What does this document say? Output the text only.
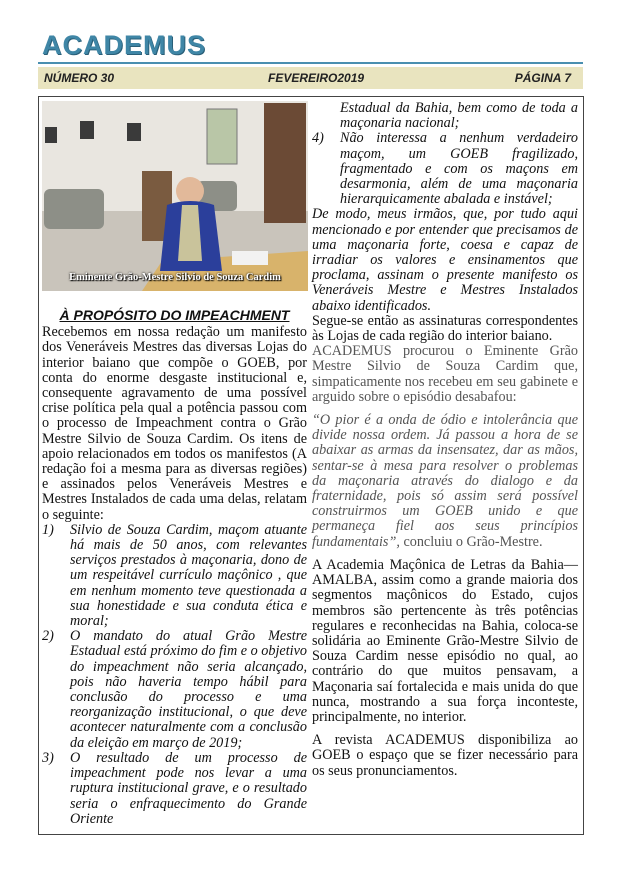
ACADEMUS
NÚMERO 30	FEVEREIRO2019	PÁGINA 7
Eminente Grão-Mestre Silvio de Souza Cardim
À PROPÓSITO DO IMPEACHMENT

Recebemos em nossa redação um manifesto dos Veneráveis Mestres das diversas Lojas do interior baiano que compõe o GOEB, por conta do enorme desgaste institucional e, consequente agravamento de uma possível crise política pela qual a potência passou com o processo de Impeachment contra o Grão Mestre Silvio de Souza Cardim. Os itens de apoio relacionados em todos os manifestos (A redação foi a mesma para as diversas regiões) e assinados pelos Veneráveis Mestres e Mestres Instalados de cada uma delas, relatam o seguinte:

1)	Silvio de Souza Cardim, maçom atuante há mais de 50 anos, com relevantes serviços prestados à maçonaria, dono de um respeitável currículo maçônico , que em nenhum momento teve questionada a sua honestidade e sua conduta ética e moral;
2)	O mandato do atual Grão Mestre Estadual está próximo do fim e o objetivo do impeachment não seria alcançado, pois não haveria tempo hábil para conclusão do processo e uma reorganização institucional, o que deve acontecer naturalmente com a conclusão da eleição em março de 2019;
3)	O resultado de um processo de impeachment pode nos levar a uma ruptura institucional grave, e o resultado seria o enfraquecimento do Grande Oriente
Estadual da Bahia, bem como de toda a maçonaria nacional;
4)	Não interessa a nenhum verdadeiro maçom, um GOEB fragilizado, fragmentado e com os maçons em desarmonia, além de uma maçonaria hierarquicamente abalada e instável;

De modo, meus irmãos, que, por tudo aqui mencionado e por entender que precisamos de uma maçonaria forte, coesa e capaz de irradiar os valores e ensinamentos que proclama, assinam o presente manifesto os Veneráveis Mestre e Mestres Instalados abaixo identificados.

Segue-se então as assinaturas correspondentes às Lojas de cada região do interior baiano.

ACADEMUS procurou o Eminente Grão Mestre Silvio de Souza Cardim que, simpaticamente nos recebeu em seu gabinete e arguido sobre o episódio desabafou:

“O pior é a onda de ódio e intolerância que divide nossa ordem. Já passou a hora de se abaixar as armas da insensatez, dar as mãos, sentar-se à mesa para resolver o problemas da maçonaria através do dialogo e da fraternidade, pois só assim será possível construirmos um GOEB unido e que permaneça fiel aos seus princípios fundamentais”, concluiu o Grão-Mestre.

A Academia Maçônica de Letras da Bahia— AMALBA, assim como a grande maioria dos segmentos maçônicos do Estado, cujos membros são pertencente às três potências regulares e reconhecidas na Bahia, coloca-se solidária ao Eminente Grão-Mestre Silvio de Souza Cardim nesse episódio no qual, ao contrário do que muitos pensavam, a Maçonaria saí fortalecida e mais unida do que nunca, mostrando a sua força inconteste, principalmente, no interior.

A revista ACADEMUS disponibiliza ao GOEB o espaço que se fizer necessário para os seus pronunciamentos.
